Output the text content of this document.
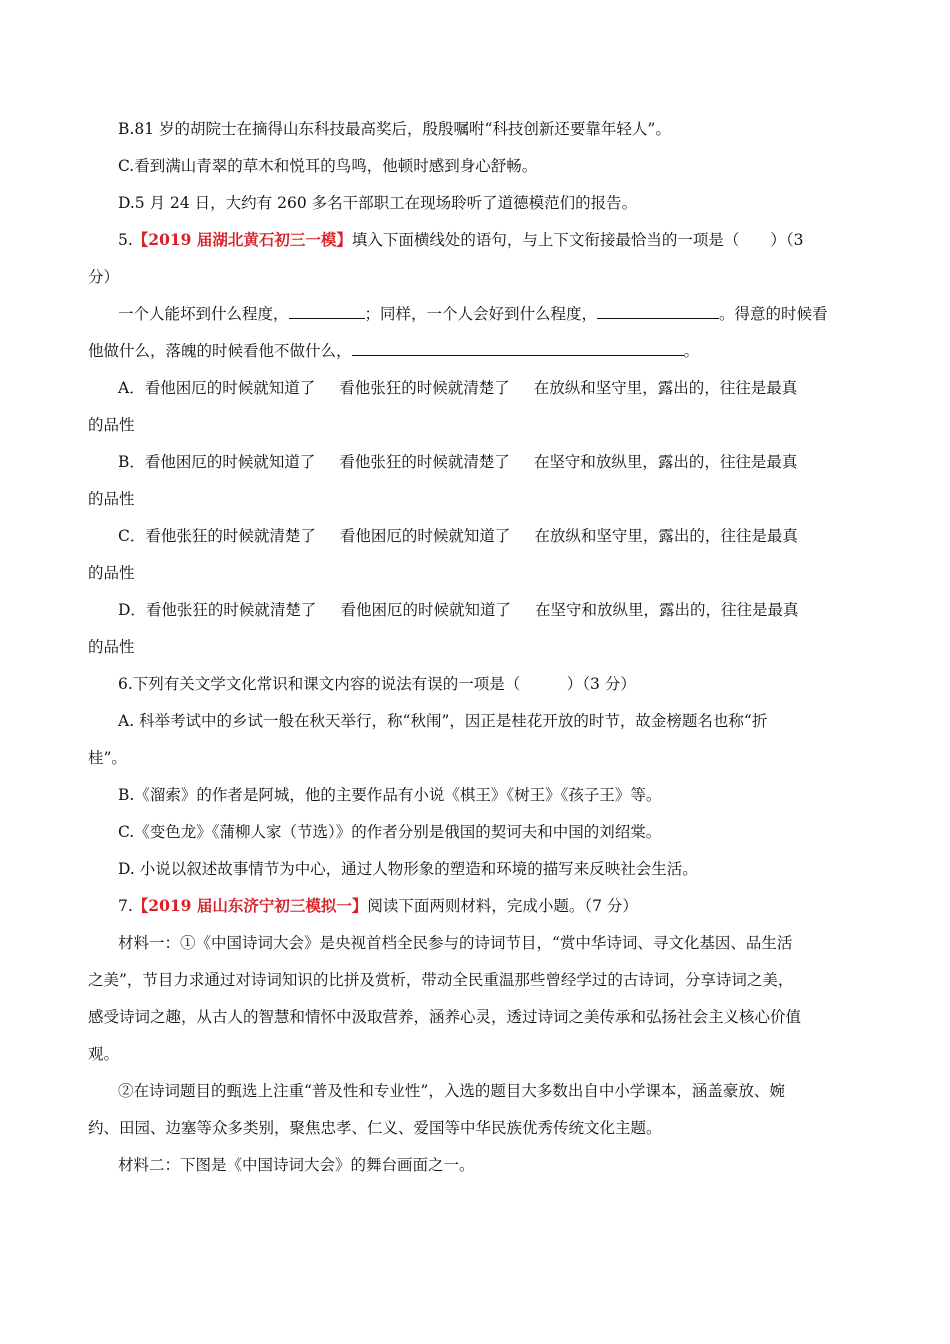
B.81 岁的胡院士在摘得山东科技最高奖后，殷殷嘱咐“科技创新还要靠年轻人”。
C.看到满山青翠的草木和悦耳的鸟鸣，他顿时感到身心舒畅。
D.5 月 24 日，大约有 260 多名干部职工在现场聆听了道德模范们的报告。
5.【2019 届湖北黄石初三一模】填入下面横线处的语句，与上下文衔接最恰当的一项是（　　）（3
分）
一个人能坏到什么程度，	；同样，一个人会好到什么程度，	。得意的时候看
他做什么，落魄的时候看他不做什么，	。
A．看他困厄的时候就知道了 看他张狂的时候就清楚了 在放纵和坚守里，露出的，往往是最真
的品性
B．看他困厄的时候就知道了 看他张狂的时候就清楚了 在坚守和放纵里，露出的，往往是最真
的品性
C．看他张狂的时候就清楚了 看他困厄的时候就知道了 在放纵和坚守里，露出的，往往是最真
的品性
D．看他张狂的时候就清楚了 看他困厄的时候就知道了 在坚守和放纵里，露出的，往往是最真
的品性
6.下列有关文学文化常识和课文内容的说法有误的一项是（　　　）（3 分）
A. 科举考试中的乡试一般在秋天举行，称“秋闱”，因正是桂花开放的时节，故金榜题名也称“折
桂”。
B.《溜索》的作者是阿城，他的主要作品有小说《棋王》《树王》《孩子王》等。
C.《变色龙》《蒲柳人家（节选）》的作者分别是俄国的契诃夫和中国的刘绍棠。
D. 小说以叙述故事情节为中心，通过人物形象的塑造和环境的描写来反映社会生活。
7.【2019 届山东济宁初三模拟一】阅读下面两则材料，完成小题。（7 分）
材料一：①《中国诗词大会》是央视首档全民参与的诗词节目，“赏中华诗词、寻文化基因、品生活
之美”，节目力求通过对诗词知识的比拼及赏析，带动全民重温那些曾经学过的古诗词，分享诗词之美，
感受诗词之趣，从古人的智慧和情怀中汲取营养，涵养心灵，透过诗词之美传承和弘扬社会主义核心价值
观。
②在诗词题目的甄选上注重“普及性和专业性”，入选的题目大多数出自中小学课本，涵盖豪放、婉
约、田园、边塞等众多类别，聚焦忠孝、仁义、爱国等中华民族优秀传统文化主题。
材料二：下图是《中国诗词大会》的舞台画面之一。
